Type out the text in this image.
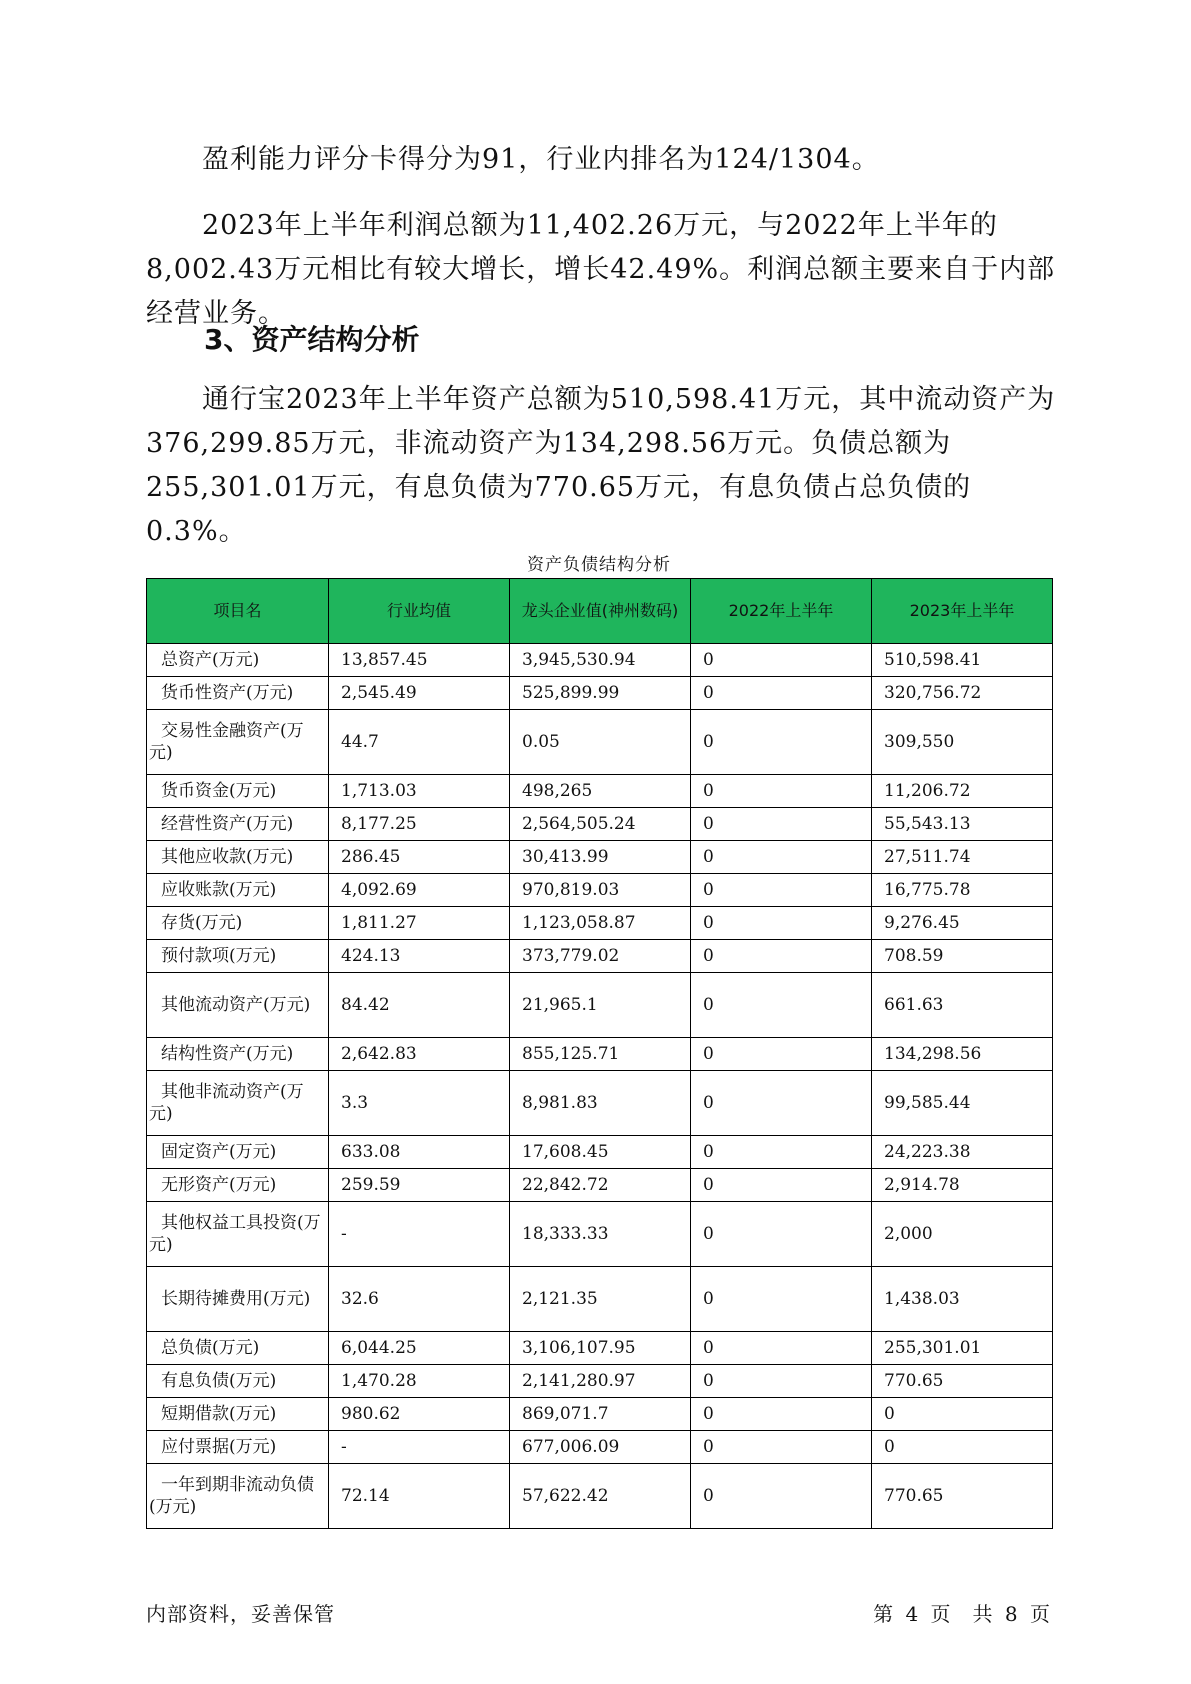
盈利能力评分卡得分为91，行业内排名为124/1304。

2023年上半年利润总额为11,402.26万元，与2022年上半年的8,002.43万元相比有较大增长，增长42.49%。利润总额主要来自于内部经营业务。

3、资产结构分析

通行宝2023年上半年资产总额为510,598.41万元，其中流动资产为376,299.85万元，非流动资产为134,298.56万元。负债总额为255,301.01万元，有息负债为770.65万元，有息负债占总负债的0.3%。

资产负债结构分析

项目名	行业均值	龙头企业值(神州数码)	2022年上半年	2023年上半年
总资产(万元)	13,857.45	3,945,530.94	0	510,598.41
货币性资产(万元)	2,545.49	525,899.99	0	320,756.72
交易性金融资产(万元)	44.7	0.05	0	309,550
货币资金(万元)	1,713.03	498,265	0	11,206.72
经营性资产(万元)	8,177.25	2,564,505.24	0	55,543.13
其他应收款(万元)	286.45	30,413.99	0	27,511.74
应收账款(万元)	4,092.69	970,819.03	0	16,775.78
存货(万元)	1,811.27	1,123,058.87	0	9,276.45
预付款项(万元)	424.13	373,779.02	0	708.59
其他流动资产(万元)	84.42	21,965.1	0	661.63
结构性资产(万元)	2,642.83	855,125.71	0	134,298.56
其他非流动资产(万元)	3.3	8,981.83	0	99,585.44
固定资产(万元)	633.08	17,608.45	0	24,223.38
无形资产(万元)	259.59	22,842.72	0	2,914.78
其他权益工具投资(万元)	-	18,333.33	0	2,000
长期待摊费用(万元)	32.6	2,121.35	0	1,438.03
总负债(万元)	6,044.25	3,106,107.95	0	255,301.01
有息负债(万元)	1,470.28	2,141,280.97	0	770.65
短期借款(万元)	980.62	869,071.7	0	0
应付票据(万元)	-	677,006.09	0	0
一年到期非流动负债(万元)	72.14	57,622.42	0	770.65

内部资料，妥善保管	第 4 页　共 8 页
